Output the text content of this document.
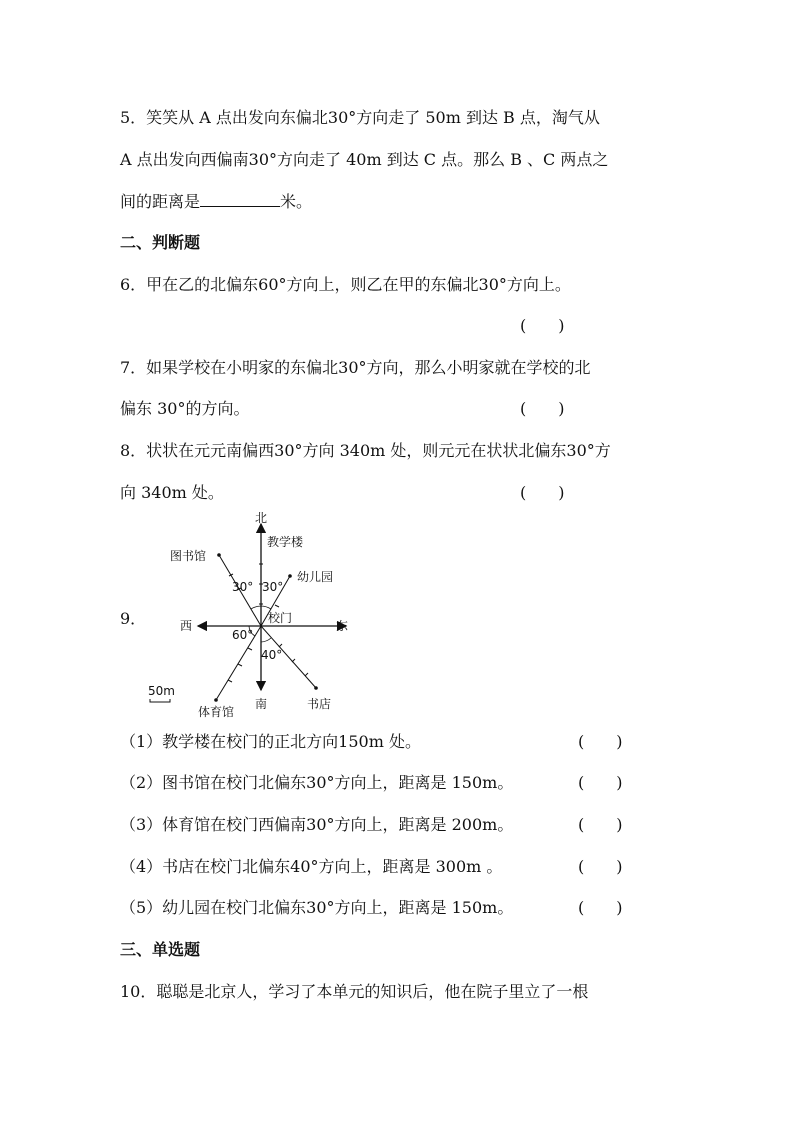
5．笑笑从 A 点出发向东偏北30°方向走了 50m 到达 B 点，淘气从
A 点出发向西偏南30°方向走了 40m 到达 C 点。那么 B 、C 两点之
间的距离是	米。
二、判断题
6．甲在乙的北偏东60°方向上，则乙在甲的东偏北30°方向上。
(　　)
7．如果学校在小明家的东偏北30°方向，那么小明家就在学校的北
偏东 30°的方向。	(　　)
8．状状在元元南偏西30°方向 340m 处，则元元在状状北偏东30°方
向 340m 处。	(　　)
9．
北
教学楼
图书馆
幼儿园
30° 30°
校门
西	东
60°
40°
50m
体育馆
南	书店
（1）教学楼在校门的正北方向150m 处。	(　　)
（2）图书馆在校门北偏东30°方向上，距离是 150m。	(　　)
（3）体育馆在校门西偏南30°方向上，距离是 200m。	(　　)
（4）书店在校门北偏东40°方向上，距离是 300m 。	(　　)
（5）幼儿园在校门北偏东30°方向上，距离是 150m。	(　　)
三、单选题
10．聪聪是北京人，学习了本单元的知识后，他在院子里立了一根
